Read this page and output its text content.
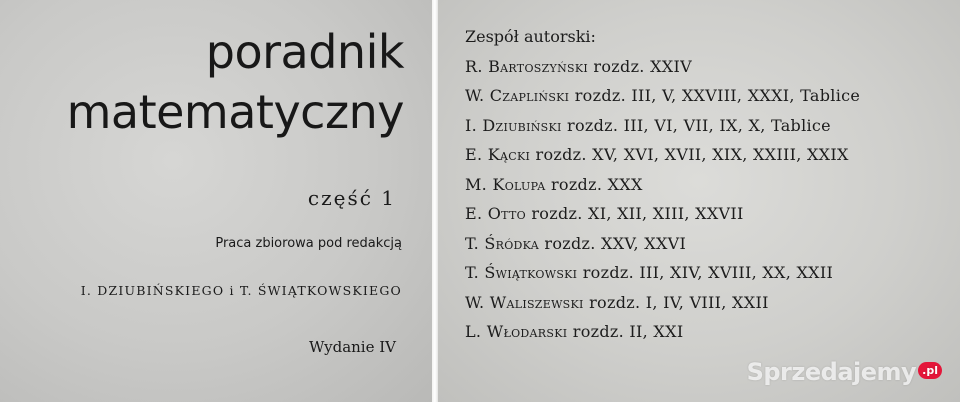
poradnik
matematyczny
część 1
Praca zbiorowa pod redakcją
I. DZIUBIŃSKIEGO i T. ŚWIĄTKOWSKIEGO
Wydanie IV
Zespół autorski:
R. Bartoszyński rozdz. XXIV
W. Czapliński rozdz. III, V, XXVIII, XXXI, Tablice
I. Dziubiński rozdz. III, VI, VII, IX, X, Tablice
E. Kącki rozdz. XV, XVI, XVII, XIX, XXIII, XXIX
M. Kolupa rozdz. XXX
E. Otto rozdz. XI, XII, XIII, XXVII
T. Śródka rozdz. XXV, XXVI
T. Świątkowski rozdz. III, XIV, XVIII, XX, XXII
W. Waliszewski rozdz. I, IV, VIII, XXII
L. Włodarski rozdz. II, XXI
Sprzedajemy .pl
